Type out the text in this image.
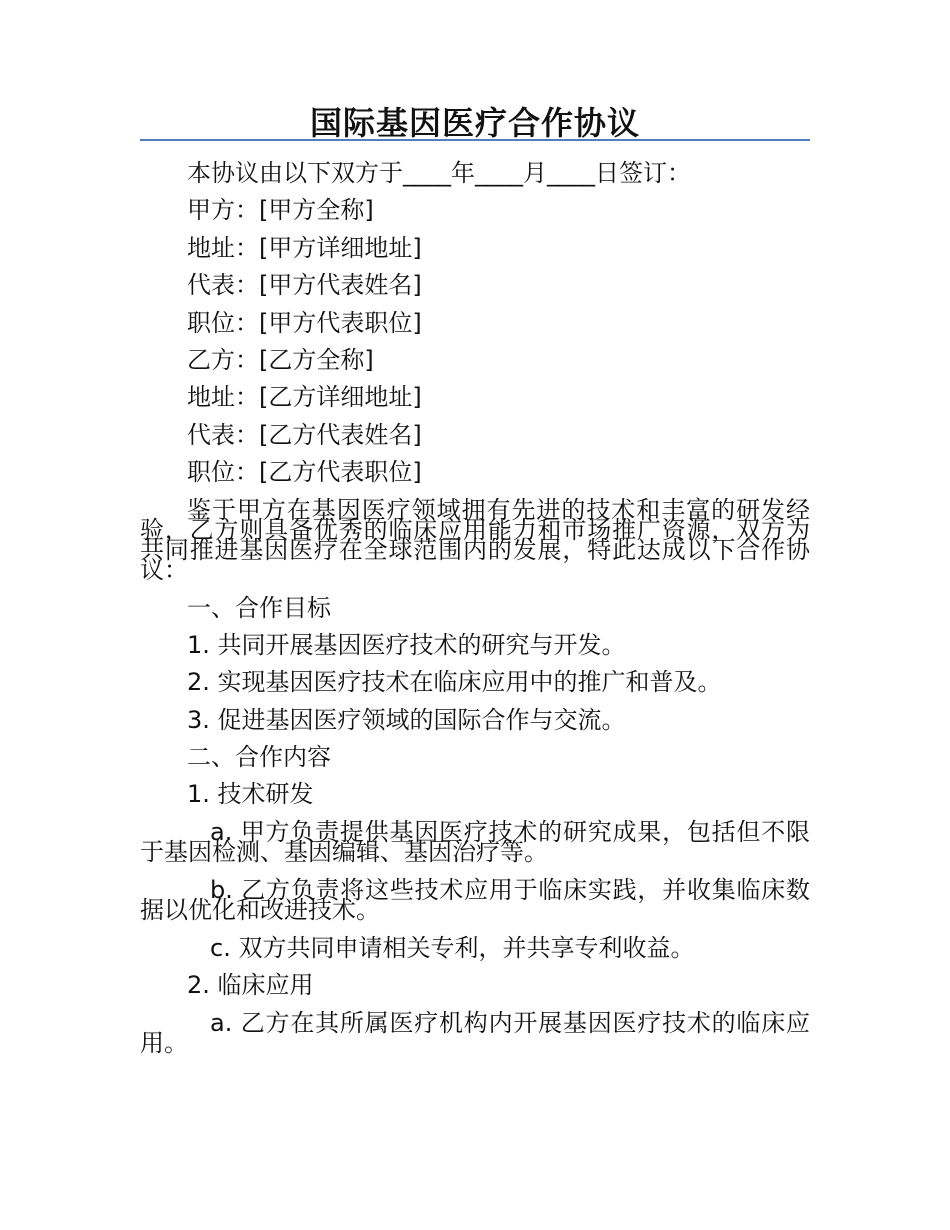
国际基因医疗合作协议

本协议由以下双方于____年____月____日签订：

甲方：[甲方全称]

地址：[甲方详细地址]

代表：[甲方代表姓名]

职位：[甲方代表职位]

乙方：[乙方全称]

地址：[乙方详细地址]

代表：[乙方代表姓名]

职位：[乙方代表职位]

鉴于甲方在基因医疗领域拥有先进的技术和丰富的研发经验，乙方则具备优秀的临床应用能力和市场推广资源，双方为共同推进基因医疗在全球范围内的发展，特此达成以下合作协议：

一、合作目标

1. 共同开展基因医疗技术的研究与开发。

2. 实现基因医疗技术在临床应用中的推广和普及。

3. 促进基因医疗领域的国际合作与交流。

二、合作内容

1. 技术研发

a. 甲方负责提供基因医疗技术的研究成果，包括但不限于基因检测、基因编辑、基因治疗等。

b. 乙方负责将这些技术应用于临床实践，并收集临床数据以优化和改进技术。

c. 双方共同申请相关专利，并共享专利收益。

2. 临床应用

a. 乙方在其所属医疗机构内开展基因医疗技术的临床应用。
